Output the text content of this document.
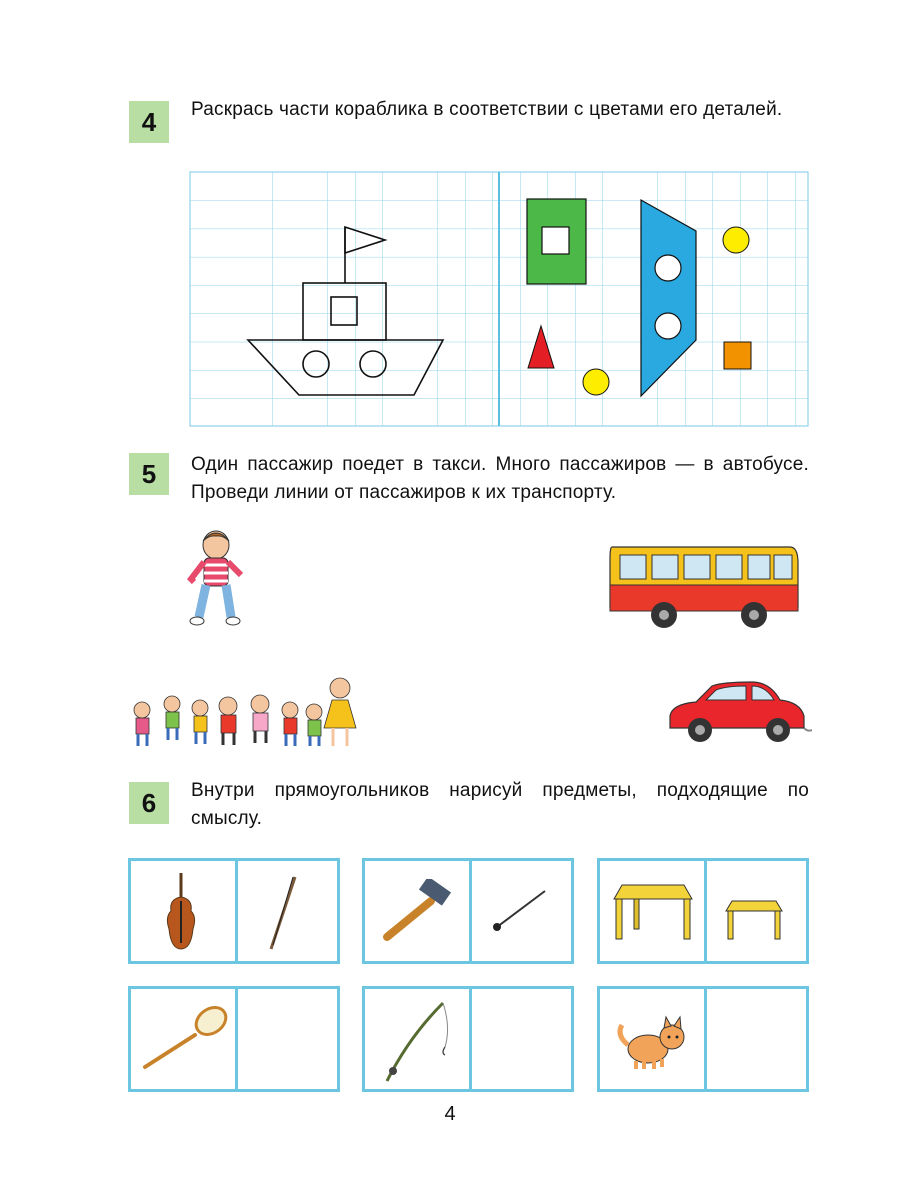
4	Раскрась части кораблика в соответствии с цветами его деталей.
5	Один пассажир поедет в такси. Много пассажиров — в автобусе. Проведи линии от пассажиров к их транспорту.
6	Внутри прямоугольников нарисуй предметы, подходящие по смыслу.
4
